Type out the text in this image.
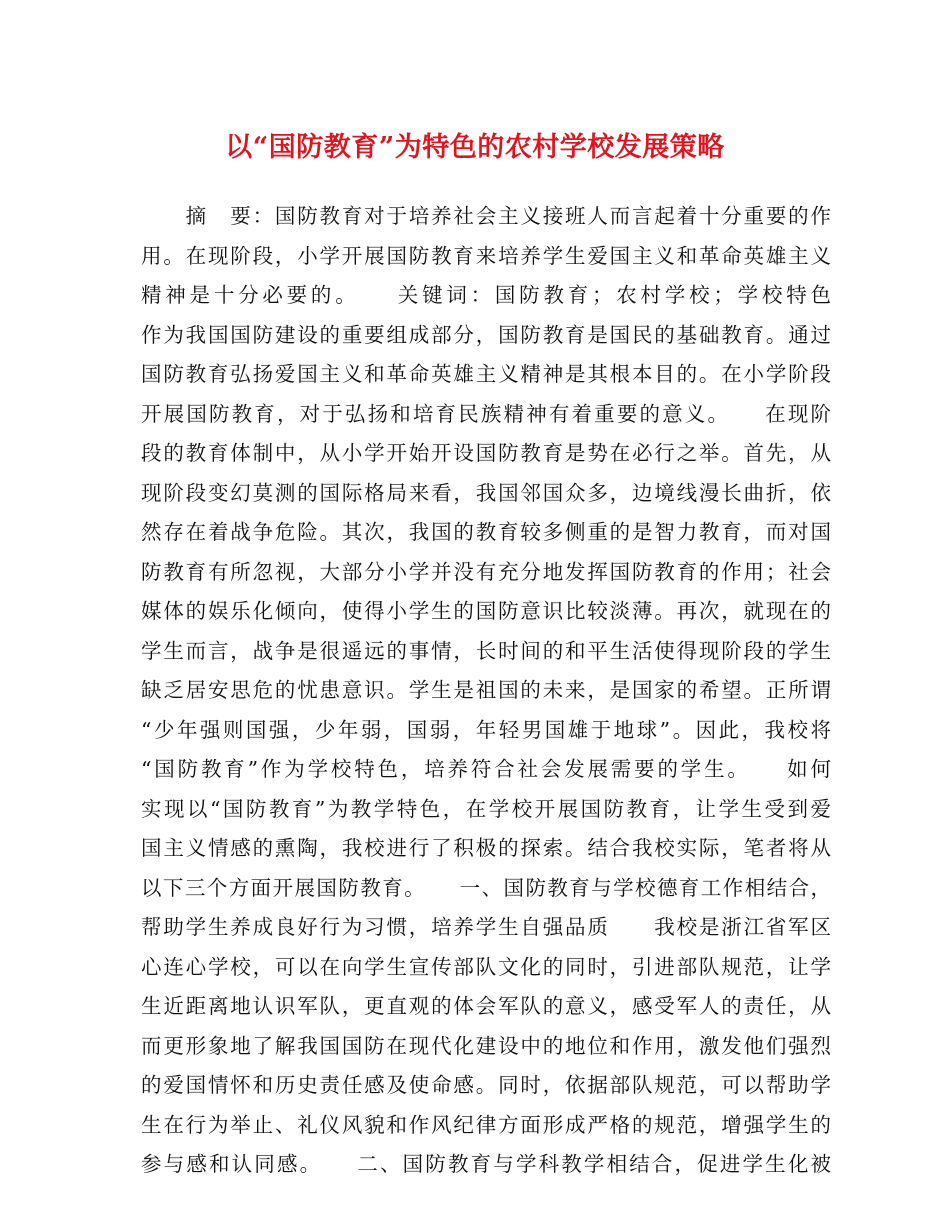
以“国防教育”为特色的农村学校发展策略
　　摘　要：国防教育对于培养社会主义接班人而言起着十分重要的作
用。在现阶段，小学开展国防教育来培养学生爱国主义和革命英雄主义
精神是十分必要的。　　关键词：国防教育；农村学校；学校特色
作为我国国防建设的重要组成部分，国防教育是国民的基础教育。通过
国防教育弘扬爱国主义和革命英雄主义精神是其根本目的。在小学阶段
开展国防教育，对于弘扬和培育民族精神有着重要的意义。　　在现阶
段的教育体制中，从小学开始开设国防教育是势在必行之举。首先，从
现阶段变幻莫测的国际格局来看，我国邻国众多，边境线漫长曲折，依
然存在着战争危险。其次，我国的教育较多侧重的是智力教育，而对国
防教育有所忽视，大部分小学并没有充分地发挥国防教育的作用；社会
媒体的娱乐化倾向，使得小学生的国防意识比较淡薄。再次，就现在的
学生而言，战争是很遥远的事情，长时间的和平生活使得现阶段的学生
缺乏居安思危的忧患意识。学生是祖国的未来，是国家的希望。正所谓
“少年强则国强，少年弱，国弱，年轻男国雄于地球”。因此，我校将
“国防教育”作为学校特色，培养符合社会发展需要的学生。　　如何
实现以“国防教育”为教学特色，在学校开展国防教育，让学生受到爱
国主义情感的熏陶，我校进行了积极的探索。结合我校实际，笔者将从
以下三个方面开展国防教育。　　一、国防教育与学校德育工作相结合，
帮助学生养成良好行为习惯，培养学生自强品质　　我校是浙江省军区
心连心学校，可以在向学生宣传部队文化的同时，引进部队规范，让学
生近距离地认识军队，更直观的体会军队的意义，感受军人的责任，从
而更形象地了解我国国防在现代化建设中的地位和作用，激发他们强烈
的爱国情怀和历史责任感及使命感。同时，依据部队规范，可以帮助学
生在行为举止、礼仪风貌和作风纪律方面形成严格的规范，增强学生的
参与感和认同感。　　二、国防教育与学科教学相结合，促进学生化被
